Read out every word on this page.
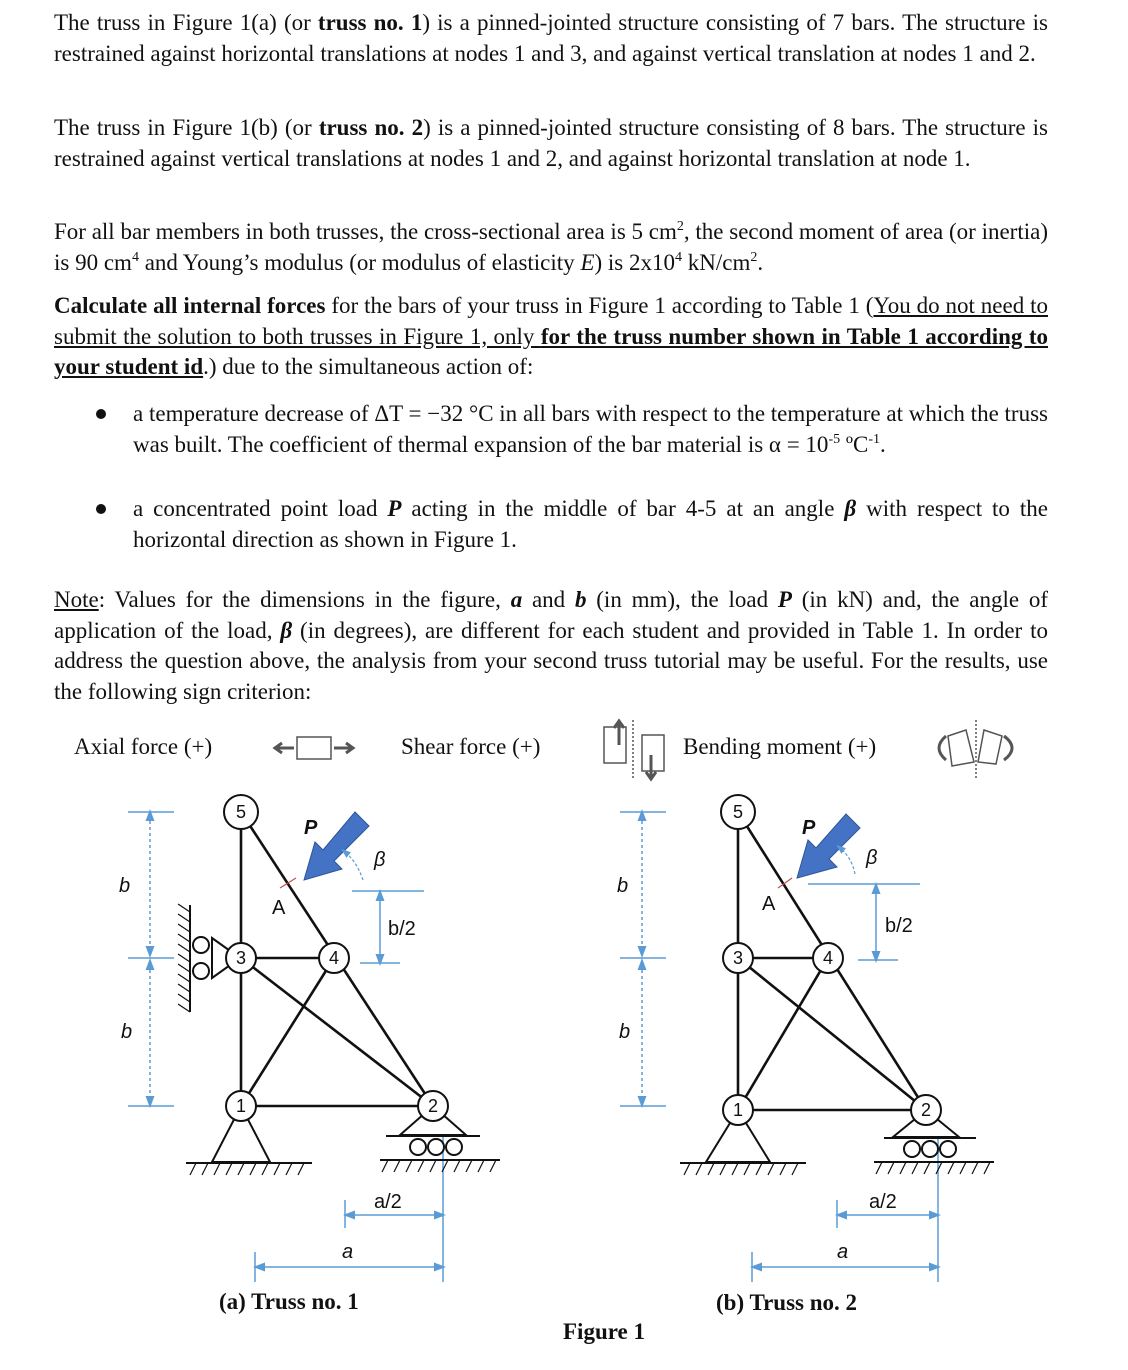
The truss in Figure 1(a) (or truss no. 1) is a pinned-jointed structure consisting of 7 bars. The structure is restrained against horizontal translations at nodes 1 and 3, and against vertical translation at nodes 1 and 2.

The truss in Figure 1(b) (or truss no. 2) is a pinned-jointed structure consisting of 8 bars. The structure is restrained against vertical translations at nodes 1 and 2, and against horizontal translation at node 1.

For all bar members in both trusses, the cross-sectional area is 5 $cm^2$, the second moment of area (or inertia) is 90 $cm^4$ and Young’s modulus (or modulus of elasticity E) is $2x10^4$ $kN/cm^2$.

Calculate all internal forces for the bars of your truss in Figure 1 according to Table 1 (You do not need to submit the solution to both trusses in Figure 1, only for the truss number shown in Table 1 according to your student id.) due to the simultaneous action of:

a temperature decrease of ΔT = −32 °C in all bars with respect to the temperature at which the truss was built. The coefficient of thermal expansion of the bar material is $\alpha = 10^{-5}$ ºC$^{-1}$.

a concentrated point load P acting in the middle of bar 4-5 at an angle β with respect to the horizontal direction as shown in Figure 1.

Note: Values for the dimensions in the figure, a and b (in mm), the load P (in kN) and, the angle of application of the load, β (in degrees), are different for each student and provided in Table 1. In order to address the question above, the analysis from your second truss tutorial may be useful. For the results, use the following sign criterion:

Axial force (+)	Shear force (+)	Bending moment (+)
5
3	4
1	2
5
3	4
1	2
P
β
A
b
b
b/2
a/2
a
P
β
A
b
b
b/2
a/2
a
(a) Truss no. 1	(b) Truss no. 2
Figure 1
